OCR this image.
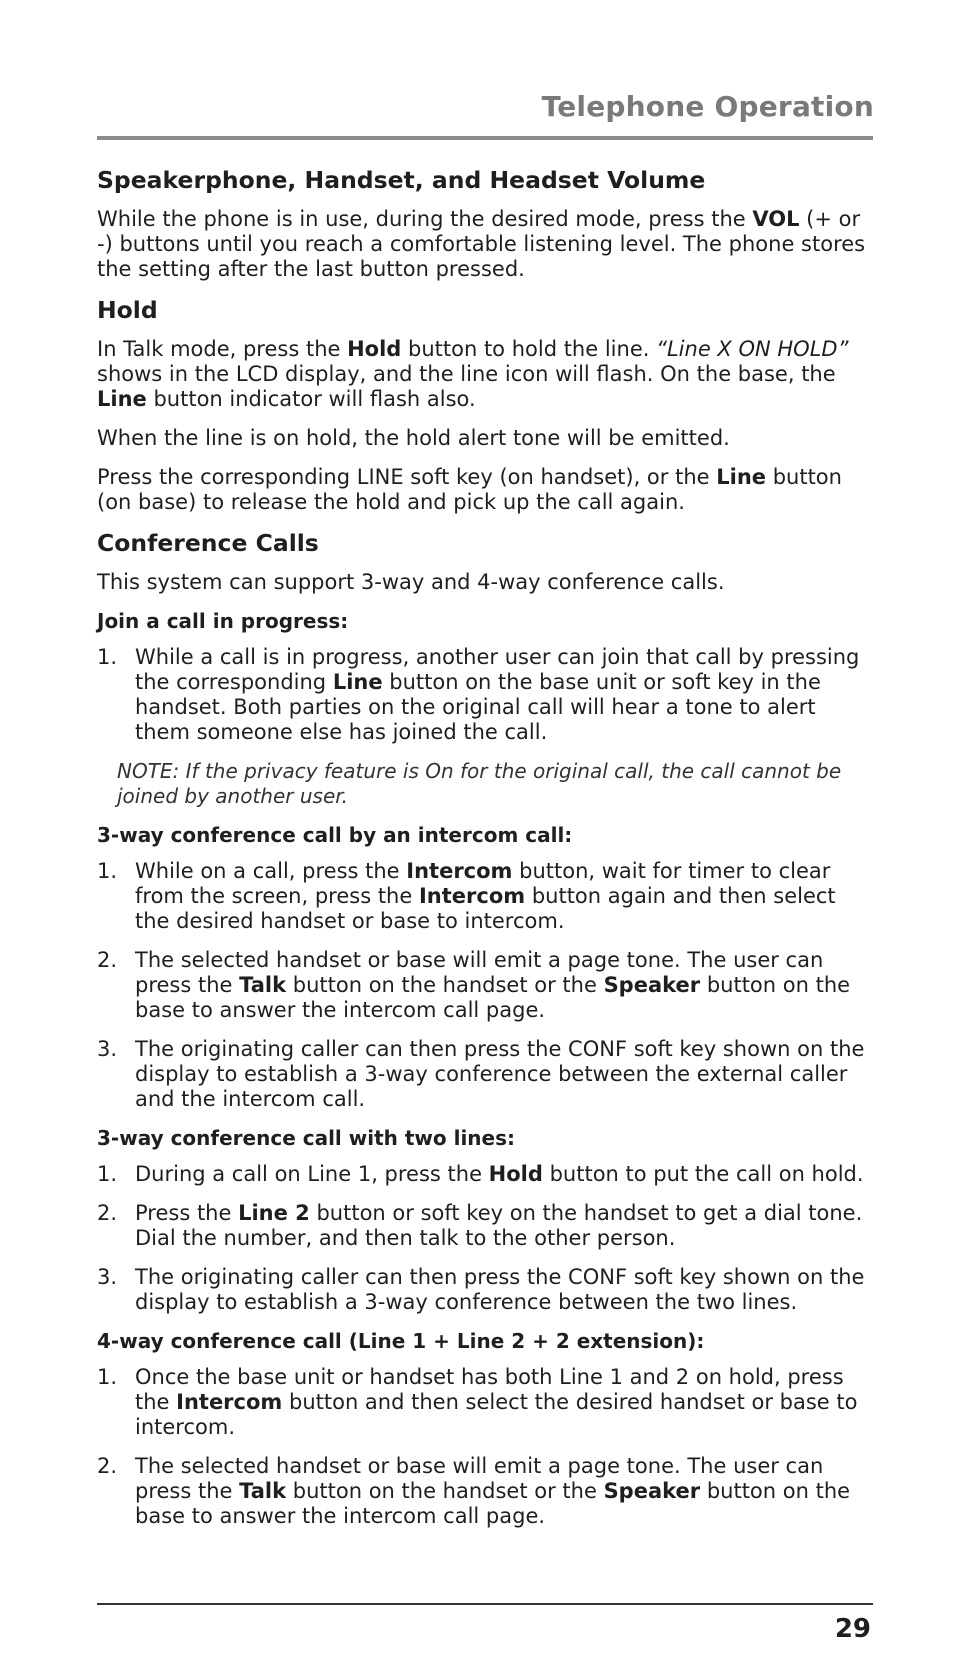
Telephone Operation
Speakerphone, Handset, and Headset Volume

While the phone is in use, during the desired mode, press the VOL (+ or -) buttons until you reach a comfortable listening level. The phone stores the setting after the last button pressed.

Hold

In Talk mode, press the Hold button to hold the line. “Line X ON HOLD” shows in the LCD display, and the line icon will flash. On the base, the Line button indicator will flash also.

When the line is on hold, the hold alert tone will be emitted.

Press the corresponding LINE soft key (on handset), or the Line button (on base) to release the hold and pick up the call again.

Conference Calls

This system can support 3-way and 4-way conference calls.

Join a call in progress:
1. While a call is in progress, another user can join that call by pressing the corresponding Line button on the base unit or soft key in the handset. Both parties on the original call will hear a tone to alert them someone else has joined the call.

NOTE: If the privacy feature is On for the original call, the call cannot be joined by another user.

3-way conference call by an intercom call:
1. While on a call, press the Intercom button, wait for timer to clear from the screen, press the Intercom button again and then select the desired handset or base to intercom.
2. The selected handset or base will emit a page tone. The user can press the Talk button on the handset or the Speaker button on the base to answer the intercom call page.
3. The originating caller can then press the CONF soft key shown on the display to establish a 3-way conference between the external caller and the intercom call.
3-way conference call with two lines:
1. During a call on Line 1, press the Hold button to put the call on hold.
2. Press the Line 2 button or soft key on the handset to get a dial tone. Dial the number, and then talk to the other person.
3. The originating caller can then press the CONF soft key shown on the display to establish a 3-way conference between the two lines.
4-way conference call (Line 1 + Line 2 + 2 extension):
1. Once the base unit or handset has both Line 1 and 2 on hold, press the Intercom button and then select the desired handset or base to intercom.
2. The selected handset or base will emit a page tone. The user can press the Talk button on the handset or the Speaker button on the base to answer the intercom call page.
29
